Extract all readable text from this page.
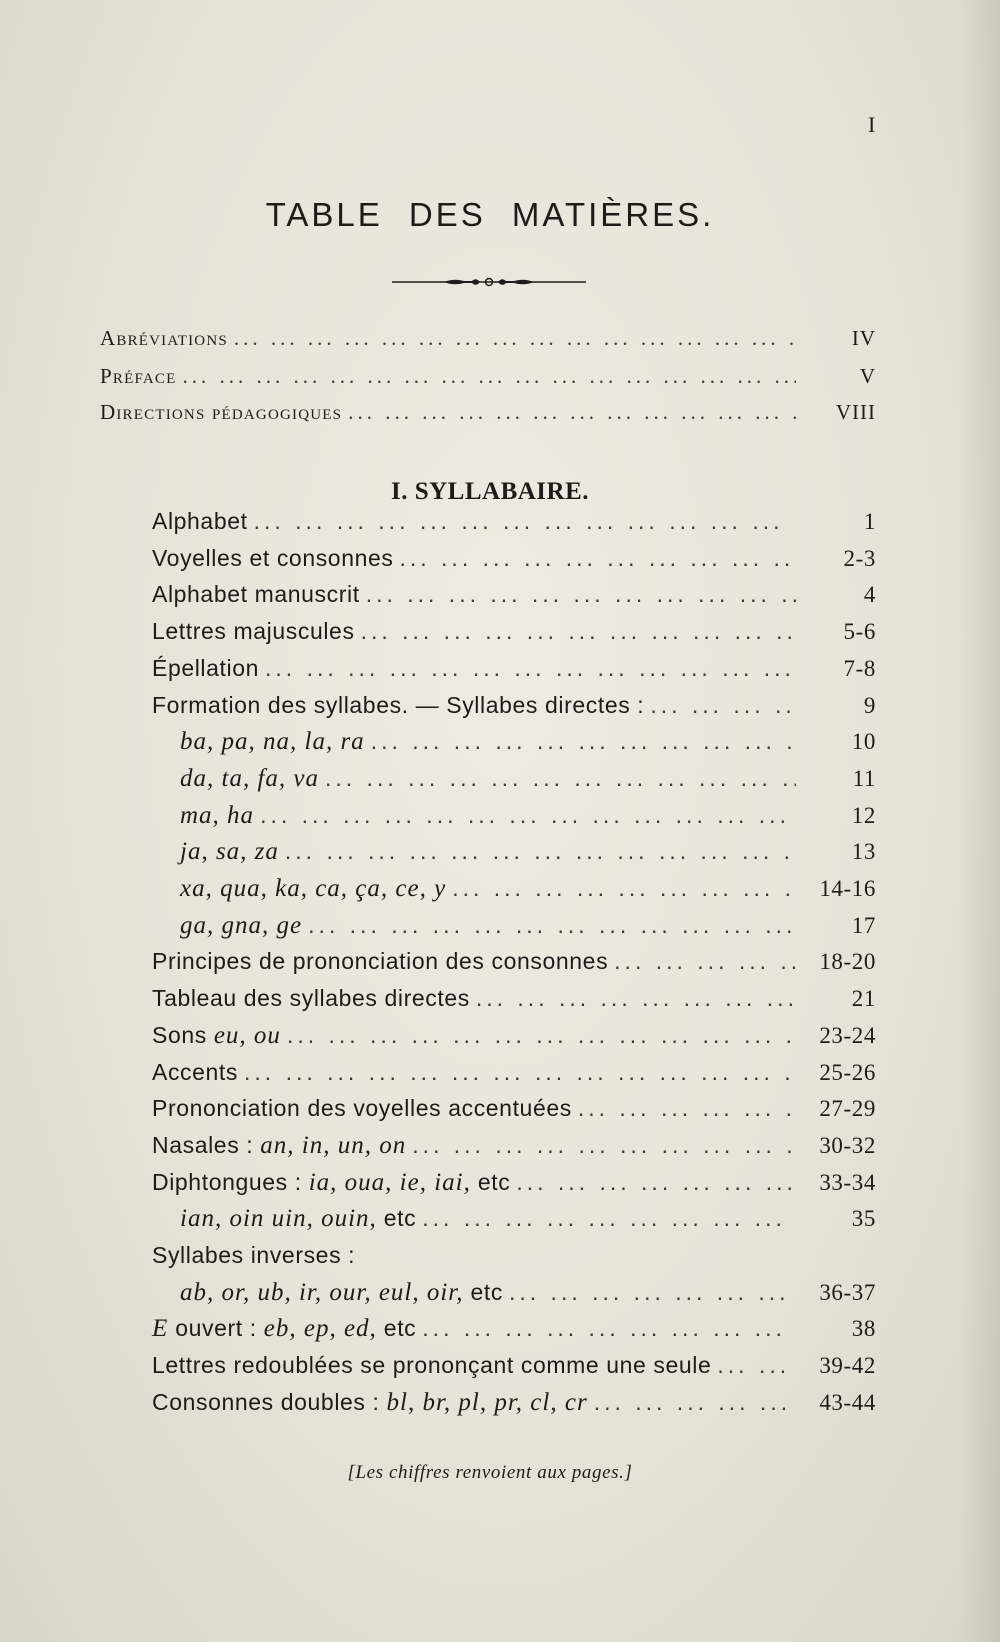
I
TABLE DES MATIÈRES.
Abréviations ... .	IV
Préface ... .	V
Directions pédagogiques ... .	VIII
I. SYLLABAIRE.
Alphabet ... .	1
Voyelles et consonnes ... .	2-3
Alphabet manuscrit ... .	4
Lettres majuscules ... .	5-6
Épellation ... .	7-8
Formation des syllabes. — Syllabes directes : ... .	9
ba, pa, na, la, ra ... .	10
da, ta, fa, va ... .	11
ma, ha ... .	12
ja, sa, za ... .	13
xa, qua, ka, ca, ça, ce, y ... .	14-16
ga, gna, ge ... .	17
Principes de prononciation des consonnes ... .	18-20
Tableau des syllabes directes ... .	21
Sons eu, ou ... .	23-24
Accents ... .	25-26
Prononciation des voyelles accentuées ... .	27-29
Nasales : an, in, un, on ... .	30-32
Diphtongues : ia, oua, ie, iai, etc ... .	33-34
ian, oin uin, ouin, etc ... .	35
Syllabes inverses :
ab, or, ub, ir, our, eul, oir, etc ... .	36-37
E ouvert : eb, ep, ed, etc ... .	38
Lettres redoublées se prononçant comme une seule ... .	39-42
Consonnes doubles : bl, br, pl, pr, cl, cr ... .	43-44
[Les chiffres renvoient aux pages.]
